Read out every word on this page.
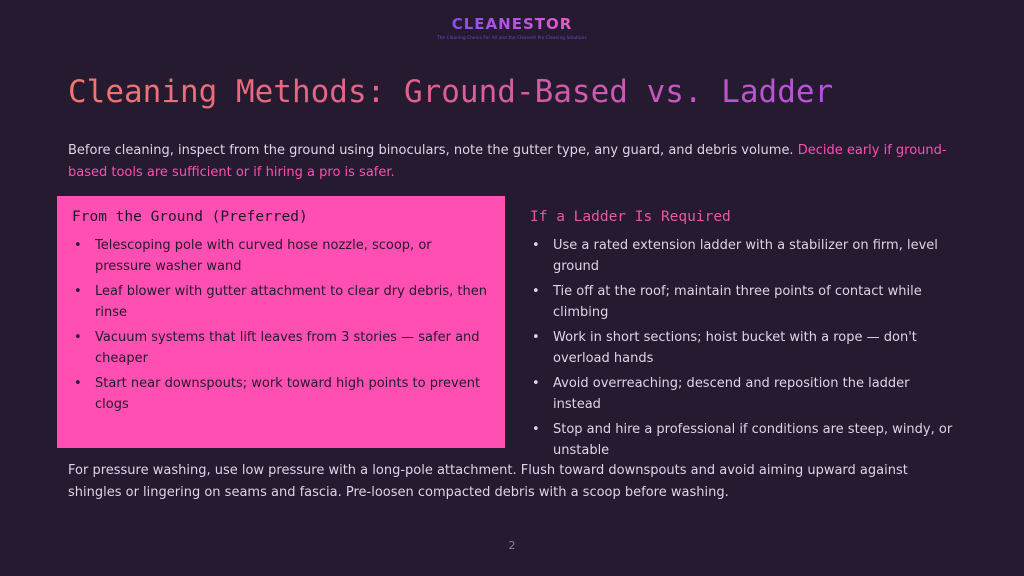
CLEANESTOR
The Cleaning Choice For All and the Cleanest Pro Cleaning Solutions
Cleaning Methods: Ground-Based vs. Ladder

Before cleaning, inspect from the ground using binoculars, note the gutter type, any guard, and debris volume. Decide early if ground-based tools are sufficient or if hiring a pro is safer.

From the Ground (Preferred)
• Telescoping pole with curved hose nozzle, scoop, or pressure washer wand
• Leaf blower with gutter attachment to clear dry debris, then rinse
• Vacuum systems that lift leaves from 3 stories — safer and cheaper
• Start near downspouts; work toward high points to prevent clogs
If a Ladder Is Required
• Use a rated extension ladder with a stabilizer on firm, level ground
• Tie off at the roof; maintain three points of contact while climbing
• Work in short sections; hoist bucket with a rope — don't overload hands
• Avoid overreaching; descend and reposition the ladder instead
• Stop and hire a professional if conditions are steep, windy, or unstable

For pressure washing, use low pressure with a long-pole attachment. Flush toward downspouts and avoid aiming upward against shingles or lingering on seams and fascia. Pre-loosen compacted debris with a scoop before washing.

2
